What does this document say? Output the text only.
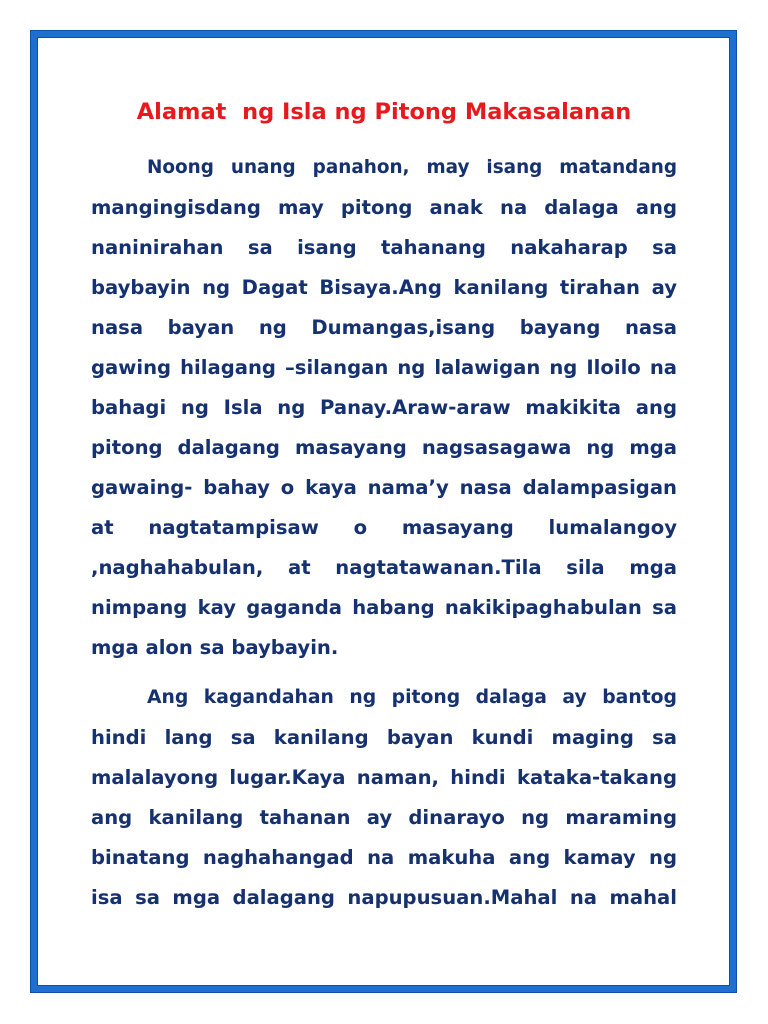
Alamat  ng Isla ng Pitong Makasalanan
Noong unang panahon, may isang matandang
mangingisdang may pitong anak na dalaga ang
naninirahan sa isang tahanang nakaharap sa
baybayin ng Dagat Bisaya.Ang kanilang tirahan ay
nasa bayan ng Dumangas,isang bayang nasa
gawing hilagang –silangan ng lalawigan ng Iloilo na
bahagi ng Isla ng Panay.Araw-araw makikita ang
pitong dalagang masayang nagsasagawa ng mga
gawaing- bahay o kaya nama’y nasa dalampasigan
at nagtatampisaw o masayang lumalangoy
,naghahabulan, at nagtatawanan.Tila sila mga
nimpang kay gaganda habang nakikipaghabulan sa
mga alon sa baybayin.
Ang kagandahan ng pitong dalaga ay bantog
hindi lang sa kanilang bayan kundi maging sa
malalayong lugar.Kaya naman, hindi kataka-takang
ang kanilang tahanan ay dinarayo ng maraming
binatang naghahangad na makuha ang kamay ng
isa sa mga dalagang napupusuan.Mahal na mahal
